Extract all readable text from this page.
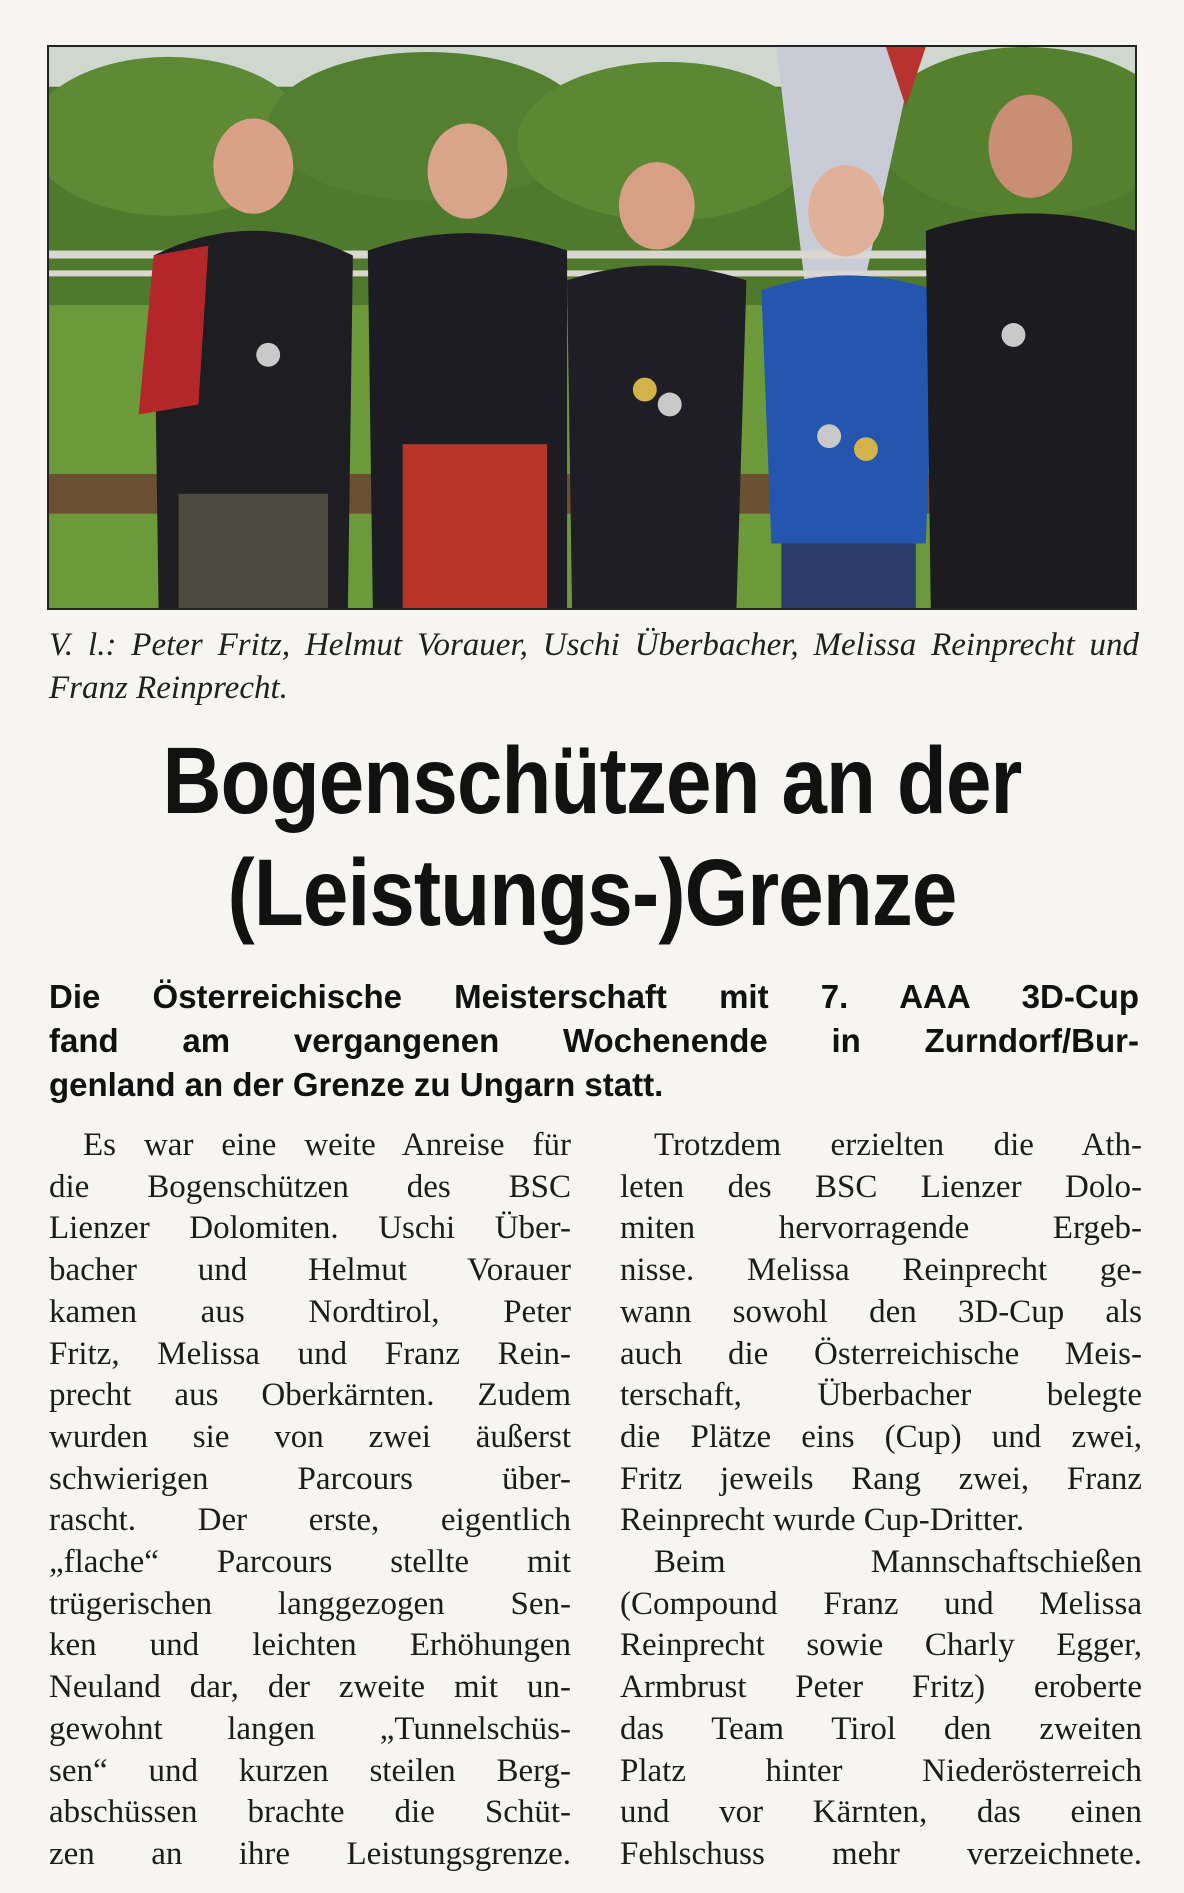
V. l.: Peter Fritz, Helmut Vorauer, Uschi Überbacher, Melissa Reinprecht und Franz Reinprecht.
Bogenschützen an der
(Leistungs-)Grenze
Die Österreichische Meisterschaft mit 7. AAA 3D-Cup
fand am vergangenen Wochenende in Zurndorf/Bur-
genland an der Grenze zu Ungarn statt.
Es war eine weite Anreise für
die Bogenschützen des BSC
Lienzer Dolomiten. Uschi Über-
bacher und Helmut Vorauer
kamen aus Nordtirol, Peter
Fritz, Melissa und Franz Rein-
precht aus Oberkärnten. Zudem
wurden sie von zwei äußerst
schwierigen Parcours über-
rascht. Der erste, eigentlich
„flache“ Parcours stellte mit
trügerischen langgezogen Sen-
ken und leichten Erhöhungen
Neuland dar, der zweite mit un-
gewohnt langen „Tunnelschüs-
sen“ und kurzen steilen Berg-
abschüssen brachte die Schüt-
zen an ihre Leistungsgrenze.
Trotzdem erzielten die Ath-
leten des BSC Lienzer Dolo-
miten hervorragende Ergeb-
nisse. Melissa Reinprecht ge-
wann sowohl den 3D-Cup als
auch die Österreichische Meis-
terschaft, Überbacher belegte
die Plätze eins (Cup) und zwei,
Fritz jeweils Rang zwei, Franz
Reinprecht wurde Cup-Dritter.
Beim Mannschaftschießen
(Compound Franz und Melissa
Reinprecht sowie Charly Egger,
Armbrust Peter Fritz) eroberte
das Team Tirol den zweiten
Platz hinter Niederösterreich
und vor Kärnten, das einen
Fehlschuss mehr verzeichnete.
